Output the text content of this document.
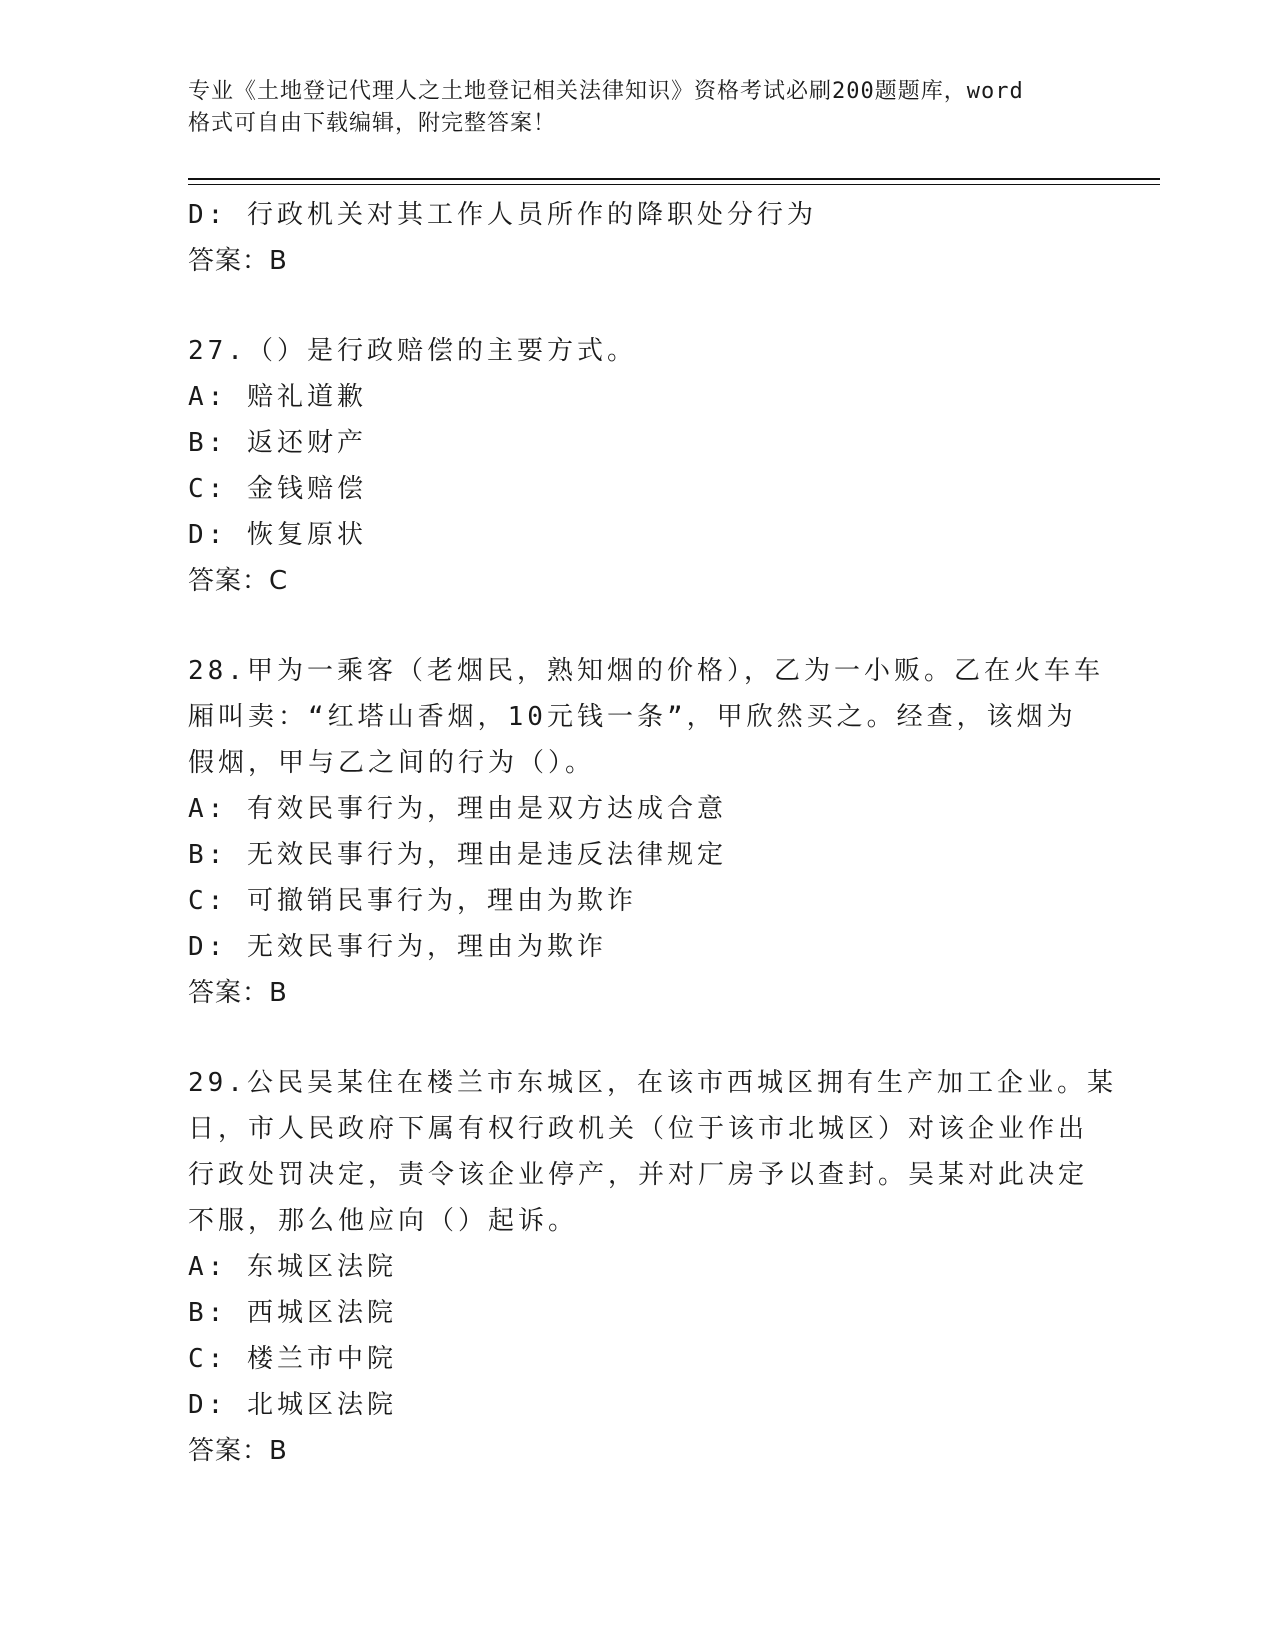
专业《土地登记代理人之土地登记相关法律知识》资格考试必刷200题题库，word
格式可自由下载编辑，附完整答案！
D: 行政机关对其工作人员所作的降职处分行为
答案：B
27.（）是行政赔偿的主要方式。
A: 赔礼道歉
B: 返还财产
C: 金钱赔偿
D: 恢复原状
答案：C
28.甲为一乘客（老烟民，熟知烟的价格），乙为一小贩。乙在火车车
厢叫卖：“红塔山香烟，10元钱一条”，甲欣然买之。经查，该烟为
假烟，甲与乙之间的行为（）。
A: 有效民事行为，理由是双方达成合意
B: 无效民事行为，理由是违反法律规定
C: 可撤销民事行为，理由为欺诈
D: 无效民事行为，理由为欺诈
答案：B
29.公民吴某住在楼兰市东城区，在该市西城区拥有生产加工企业。某
日，市人民政府下属有权行政机关（位于该市北城区）对该企业作出
行政处罚决定，责令该企业停产，并对厂房予以查封。吴某对此决定
不服，那么他应向（）起诉。
A: 东城区法院
B: 西城区法院
C: 楼兰市中院
D: 北城区法院
答案：B
